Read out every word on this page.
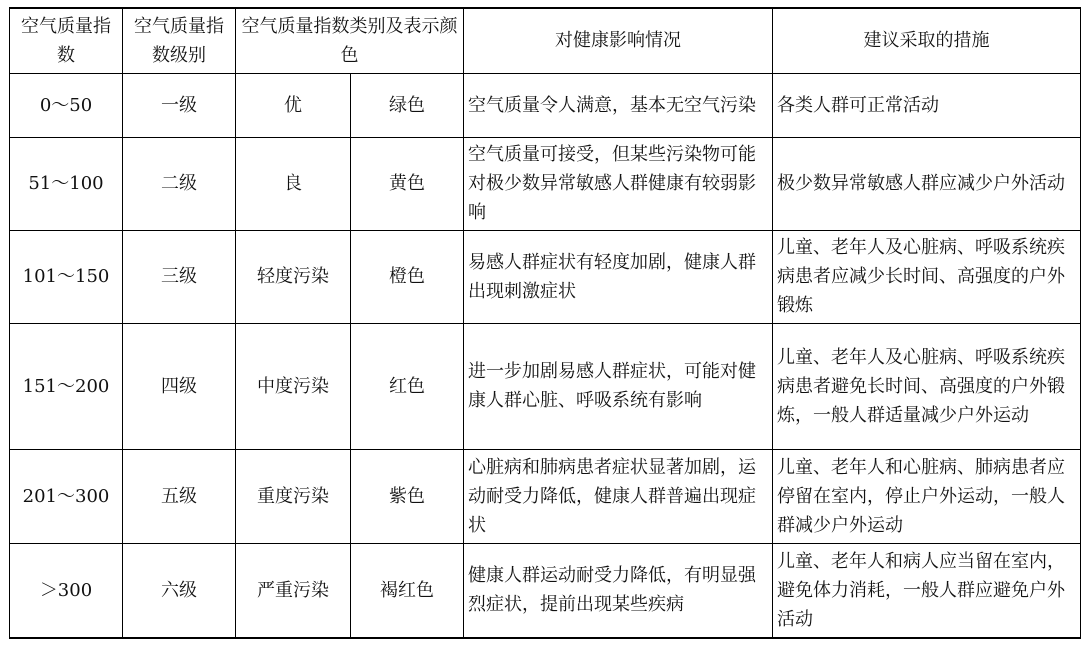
空气质量指数	空气质量指数级别	空气质量指数类别及表示颜色		对健康影响情况	建议采取的措施
0～50	一级	优	绿色	空气质量令人满意，基本无空气污染	各类人群可正常活动
51～100	二级	良	黄色	空气质量可接受，但某些污染物可能对极少数异常敏感人群健康有较弱影响	极少数异常敏感人群应减少户外活动
101～150	三级	轻度污染	橙色	易感人群症状有轻度加剧，健康人群出现刺激症状	儿童、老年人及心脏病、呼吸系统疾病患者应减少长时间、高强度的户外锻炼
151～200	四级	中度污染	红色	进一步加剧易感人群症状，可能对健康人群心脏、呼吸系统有影响	儿童、老年人及心脏病、呼吸系统疾病患者避免长时间、高强度的户外锻炼，一般人群适量减少户外运动
201～300	五级	重度污染	紫色	心脏病和肺病患者症状显著加剧，运动耐受力降低，健康人群普遍出现症状	儿童、老年人和心脏病、肺病患者应停留在室内，停止户外运动，一般人群减少户外运动
＞300	六级	严重污染	褐红色	健康人群运动耐受力降低，有明显强烈症状，提前出现某些疾病	儿童、老年人和病人应当留在室内，避免体力消耗，一般人群应避免户外活动
